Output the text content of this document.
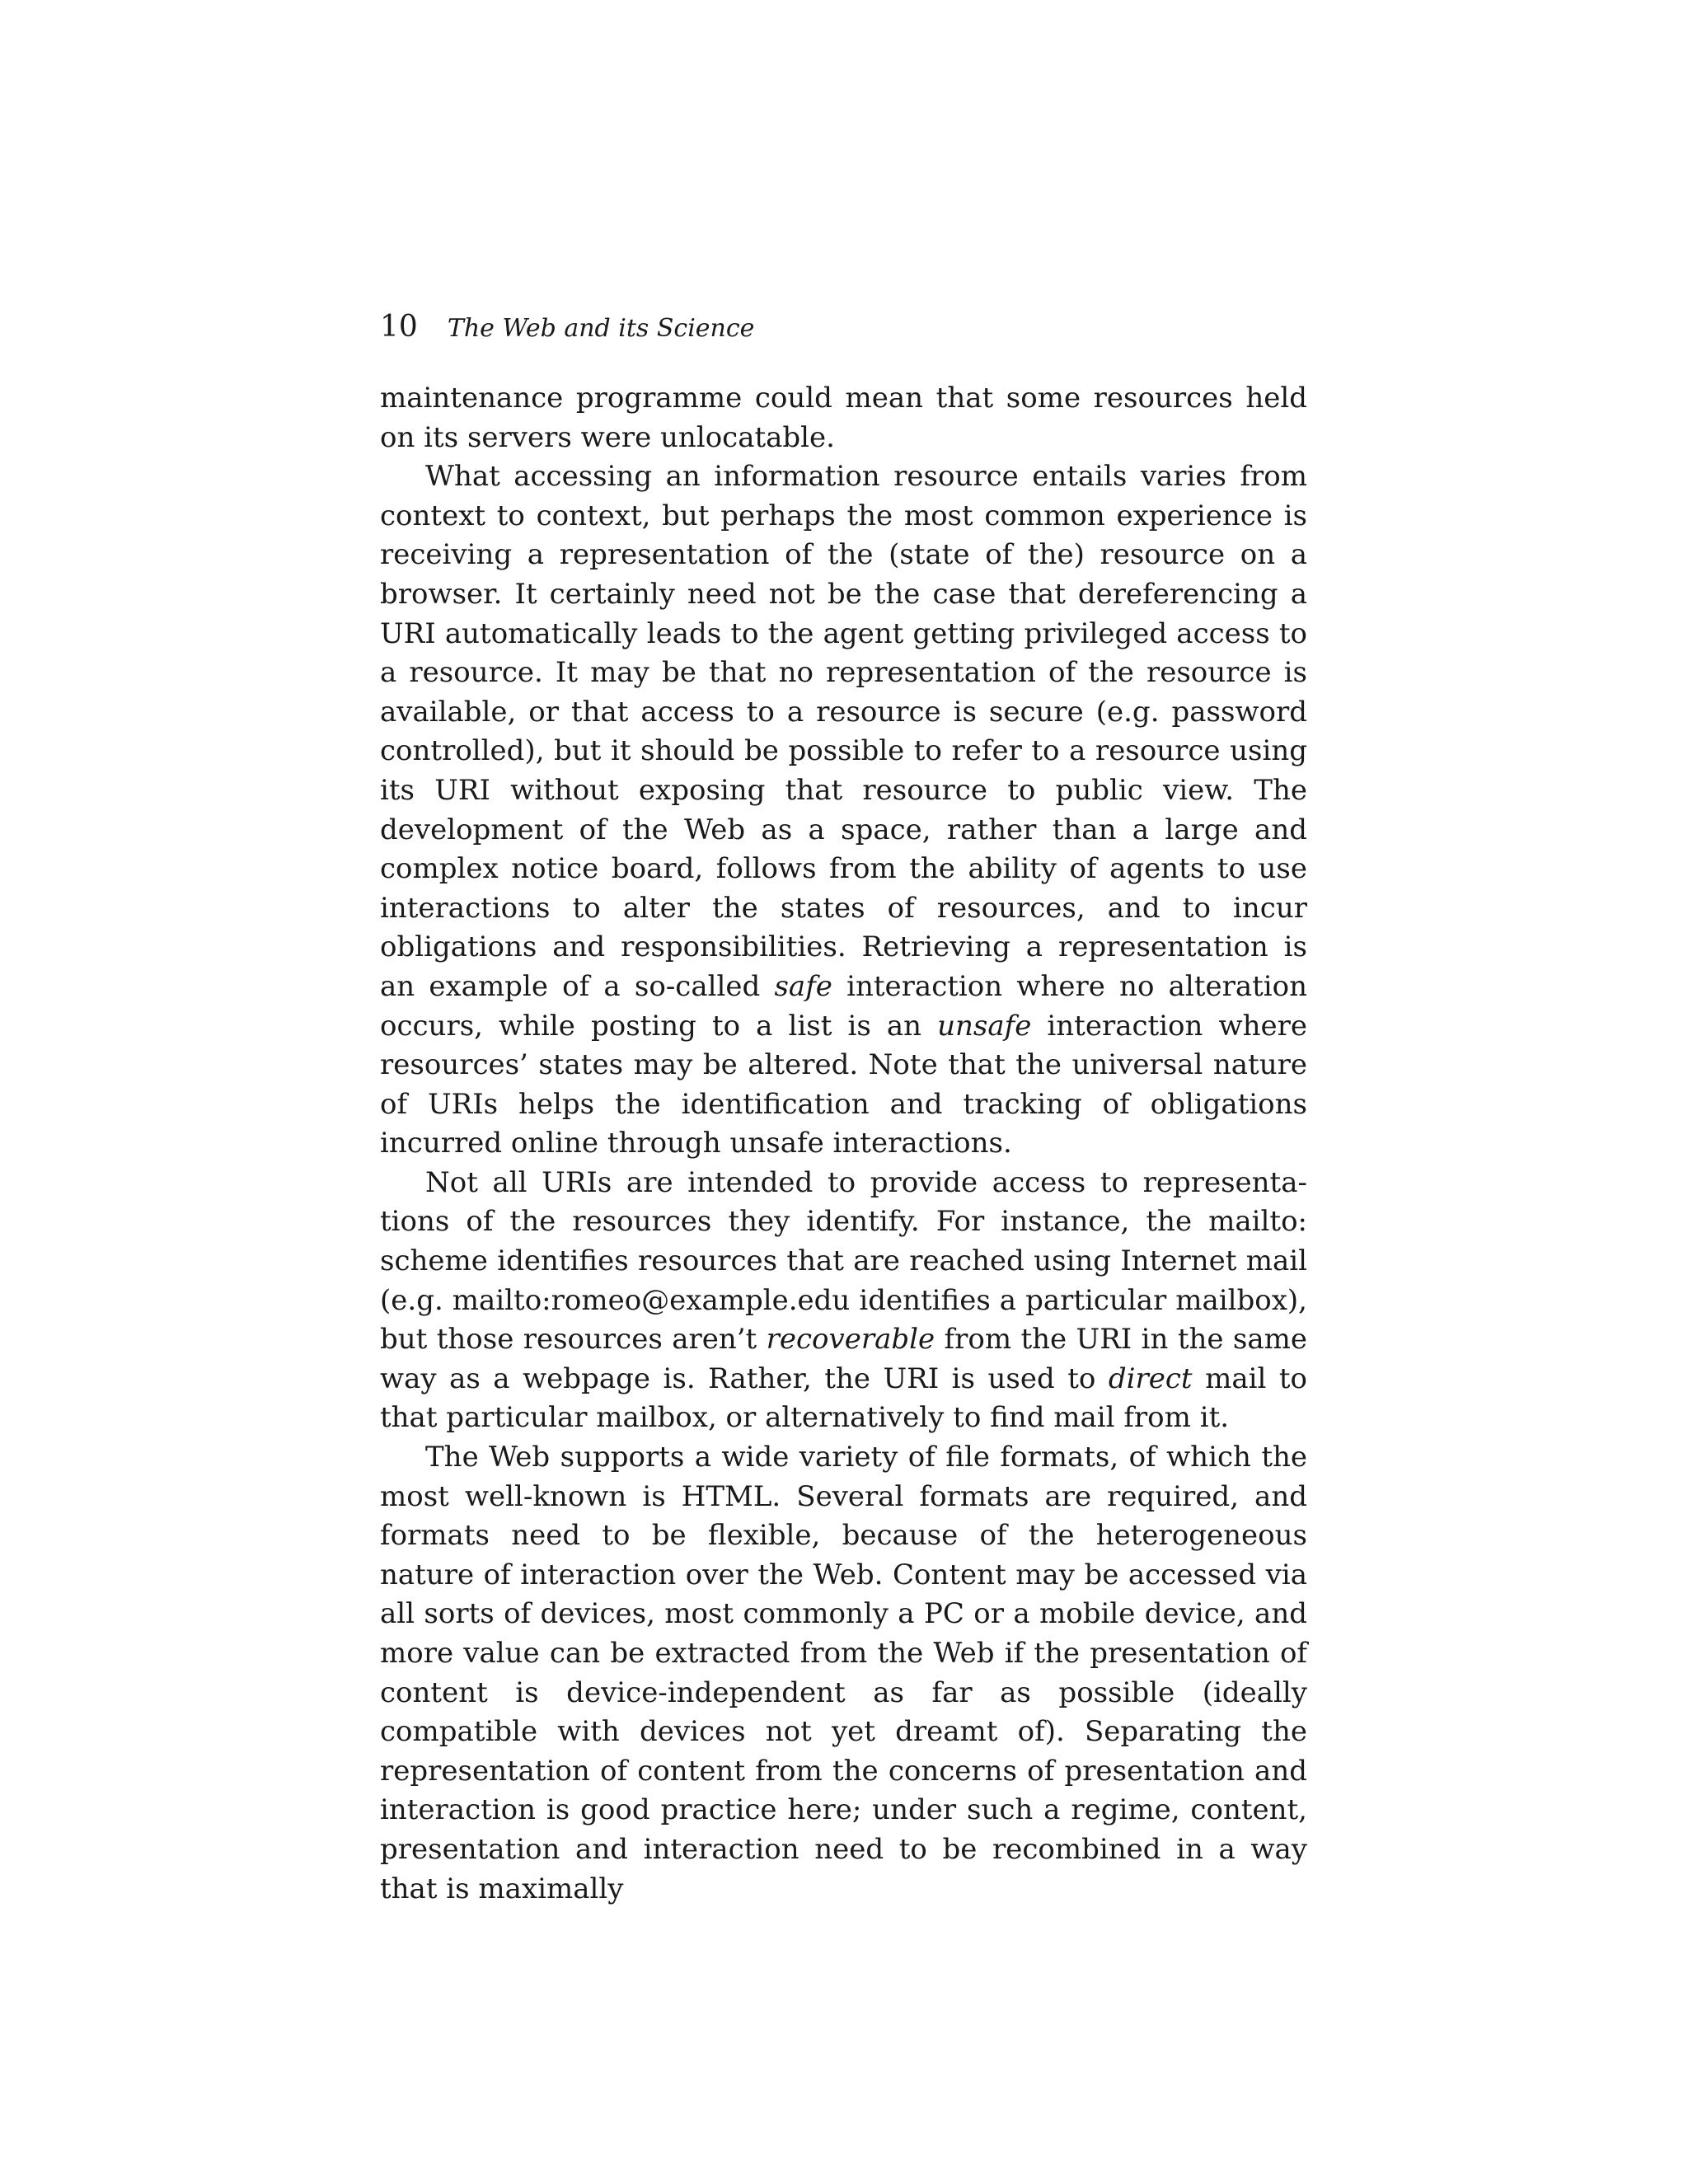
10 The Web and its Science

maintenance programme could mean that some resources held on its servers were unlocatable.

What accessing an information resource entails varies from context to context, but perhaps the most common experience is receiving a representation of the (state of the) resource on a browser. It certainly need not be the case that dereferencing a URI automatically leads to the agent getting privileged access to a resource. It may be that no representation of the resource is available, or that access to a resource is secure (e.g. password controlled), but it should be possible to refer to a resource using its URI without exposing that resource to public view. The development of the Web as a space, rather than a large and complex notice board, follows from the ability of agents to use interactions to alter the states of resources, and to incur obligations and responsibilities. Retrieving a representation is an example of a so-called safe interaction where no alteration occurs, while posting to a list is an unsafe interaction where resources’ states may be altered. Note that the universal nature of URIs helps the identification and tracking of obligations incurred online through unsafe interactions.

Not all URIs are intended to provide access to representations of the resources they identify. For instance, the mailto: scheme identifies resources that are reached using Internet mail (e.g. mailto:romeo@example.edu identifies a particular mailbox), but those resources aren’t recoverable from the URI in the same way as a webpage is. Rather, the URI is used to direct mail to that particular mailbox, or alternatively to find mail from it.

The Web supports a wide variety of file formats, of which the most well-known is HTML. Several formats are required, and formats need to be flexible, because of the heterogeneous nature of interaction over the Web. Content may be accessed via all sorts of devices, most commonly a PC or a mobile device, and more value can be extracted from the Web if the presentation of content is device-independent as far as possible (ideally compatible with devices not yet dreamt of). Separating the representation of content from the concerns of presentation and interaction is good practice here; under such a regime, content, presentation and interaction need to be recombined in a way that is maximally
